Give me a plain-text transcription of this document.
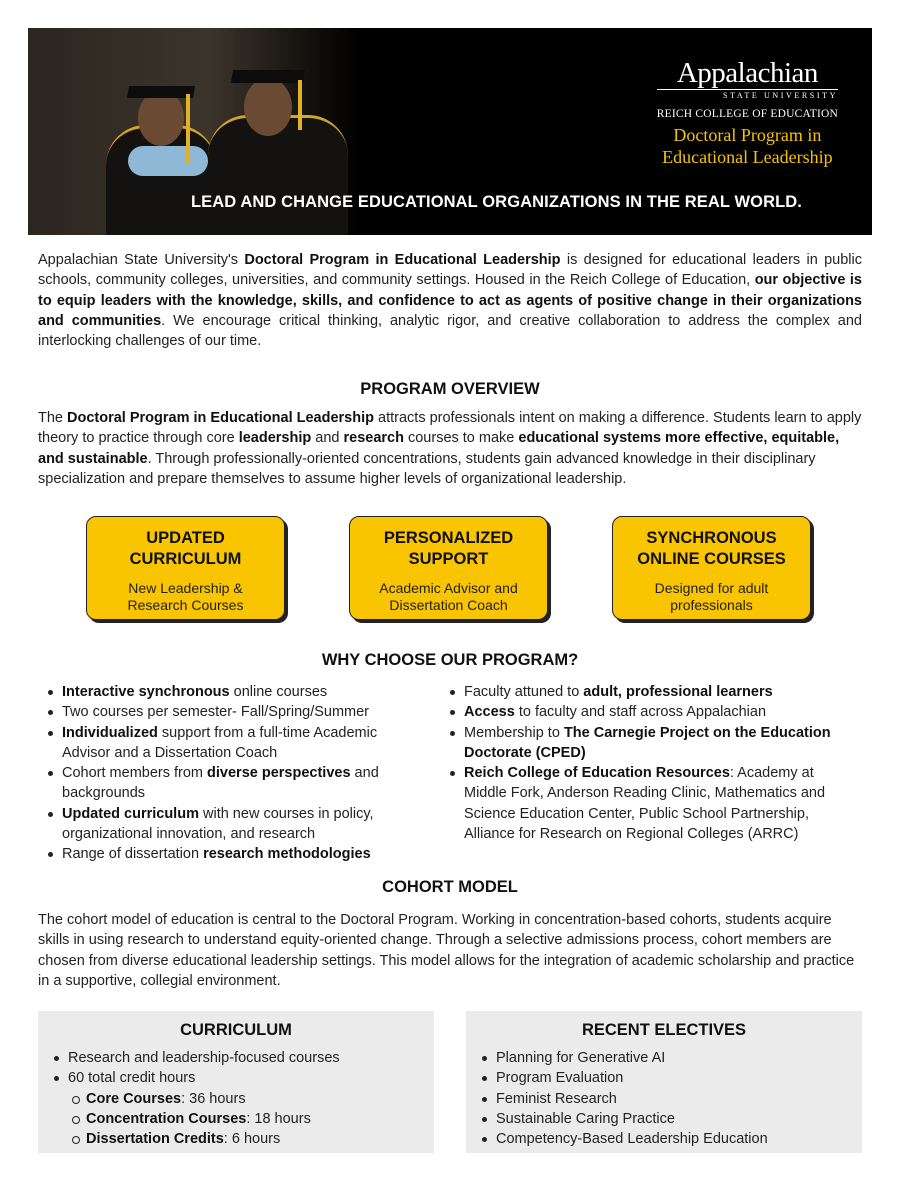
Appalachian
STATE UNIVERSITY
REICH COLLEGE OF EDUCATION
Doctoral Program in
Educational Leadership
LEAD AND CHANGE EDUCATIONAL ORGANIZATIONS IN THE REAL WORLD.

Appalachian State University's Doctoral Program in Educational Leadership is designed for educational leaders in public schools, community colleges, universities, and community settings. Housed in the Reich College of Education, our objective is to equip leaders with the knowledge, skills, and confidence to act as agents of positive change in their organizations and communities. We encourage critical thinking, analytic rigor, and creative collaboration to address the complex and interlocking challenges of our time.

PROGRAM OVERVIEW

The Doctoral Program in Educational Leadership attracts professionals intent on making a difference. Students learn to apply theory to practice through core leadership and research courses to make educational systems more effective, equitable, and sustainable. Through professionally-oriented concentrations, students gain advanced knowledge in their disciplinary specialization and prepare themselves to assume higher levels of organizational leadership.

UPDATED CURRICULUM
New Leadership & Research Courses
PERSONALIZED SUPPORT
Academic Advisor and Dissertation Coach
SYNCHRONOUS ONLINE COURSES
Designed for adult professionals
WHY CHOOSE OUR PROGRAM?
Interactive synchronous online courses
Two courses per semester- Fall/Spring/Summer
Individualized support from a full-time Academic Advisor and a Dissertation Coach
Cohort members from diverse perspectives and backgrounds
Updated curriculum with new courses in policy, organizational innovation, and research
Range of dissertation research methodologies
Faculty attuned to adult, professional learners
Access to faculty and staff across Appalachian
Membership to The Carnegie Project on the Education Doctorate (CPED)
Reich College of Education Resources: Academy at Middle Fork, Anderson Reading Clinic, Mathematics and Science Education Center, Public School Partnership, Alliance for Research on Regional Colleges (ARRC)
COHORT MODEL

The cohort model of education is central to the Doctoral Program. Working in concentration-based cohorts, students acquire skills in using research to understand equity-oriented change. Through a selective admissions process, cohort members are chosen from diverse educational leadership settings. This model allows for the integration of academic scholarship and practice in a supportive, collegial environment.

CURRICULUM
Research and leadership-focused courses
60 total credit hours
Core Courses: 36 hours
Concentration Courses: 18 hours
Dissertation Credits: 6 hours
RECENT ELECTIVES
Planning for Generative AI
Program Evaluation
Feminist Research
Sustainable Caring Practice
Competency-Based Leadership Education
